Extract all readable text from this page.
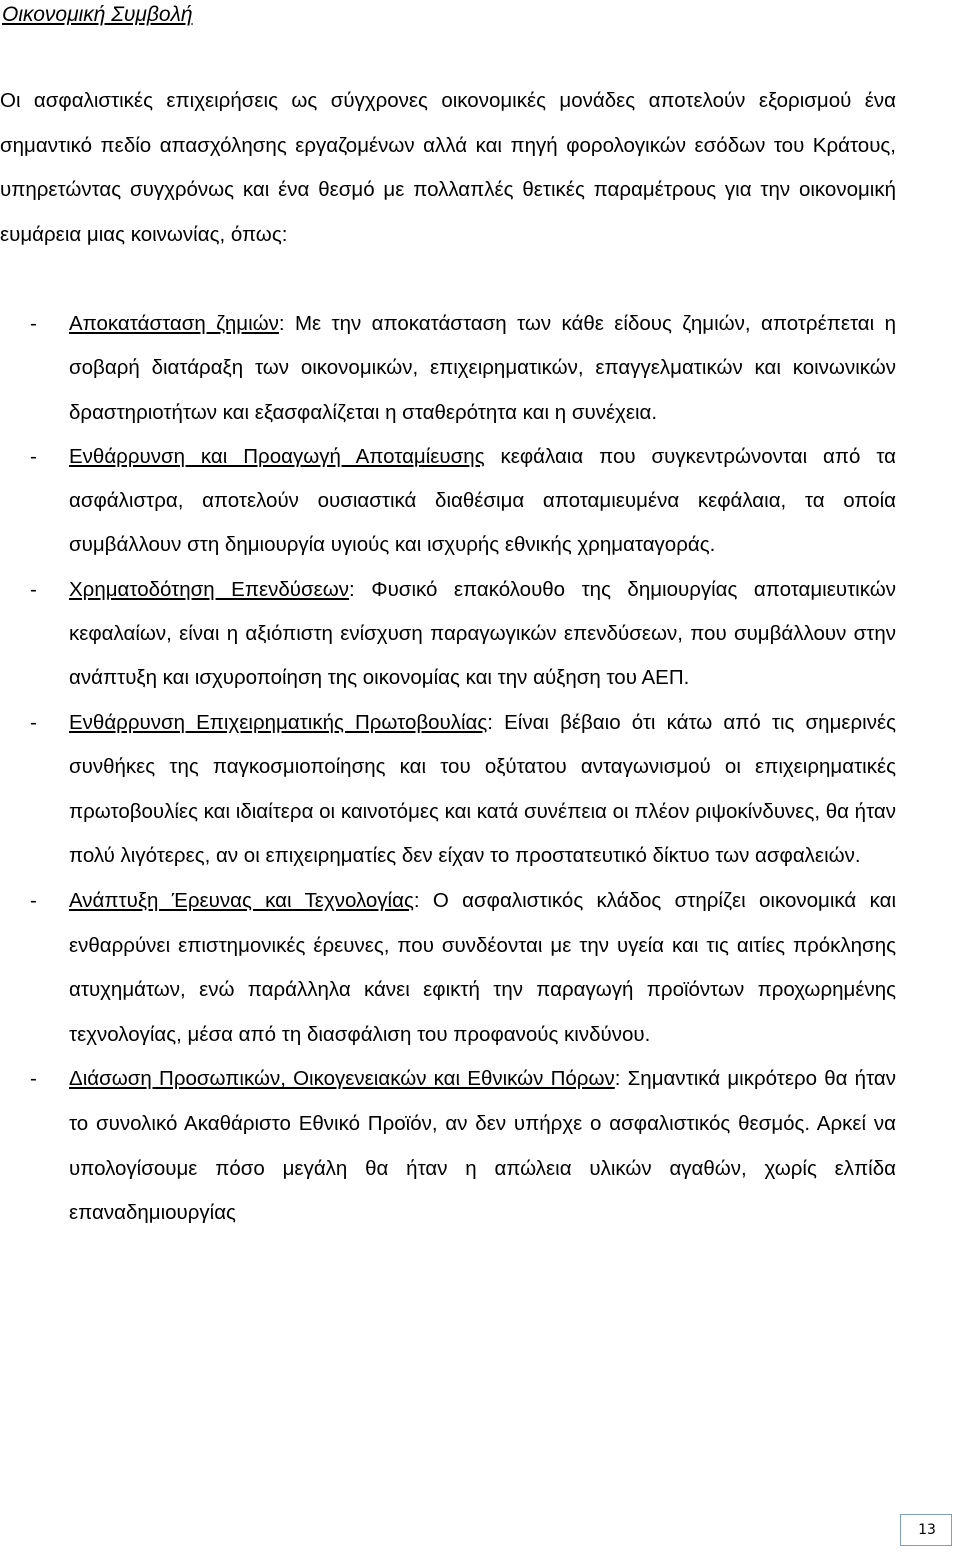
Οικονομική Συμβολή

Οι ασφαλιστικές επιχειρήσεις ως σύγχρονες οικονομικές μονάδες αποτελούν εξορισμού ένα σημαντικό πεδίο απασχόλησης εργαζομένων αλλά και πηγή φορολογικών εσόδων του Κράτους, υπηρετώντας συγχρόνως και ένα θεσμό με πολλαπλές θετικές παραμέτρους για την οικονομική ευμάρεια μιας κοινωνίας, όπως:

- Αποκατάσταση ζημιών: Με την αποκατάσταση των κάθε είδους ζημιών, αποτρέπεται η σοβαρή διατάραξη των οικονομικών, επιχειρηματικών, επαγγελματικών και κοινωνικών δραστηριοτήτων και εξασφαλίζεται η σταθερότητα και η συνέχεια.
- Ενθάρρυνση και Προαγωγή Αποταμίευσης κεφάλαια που συγκεντρώνονται από τα ασφάλιστρα, αποτελούν ουσιαστικά διαθέσιμα αποταμιευμένα κεφάλαια, τα οποία συμβάλλουν στη δημιουργία υγιούς και ισχυρής εθνικής χρηματαγοράς.
- Χρηματοδότηση Επενδύσεων: Φυσικό επακόλουθο της δημιουργίας αποταμιευτικών κεφαλαίων, είναι η αξιόπιστη ενίσχυση παραγωγικών επενδύσεων, που συμβάλλουν στην ανάπτυξη και ισχυροποίηση της οικονομίας και την αύξηση του ΑΕΠ.
- Ενθάρρυνση Επιχειρηματικής Πρωτοβουλίας: Είναι βέβαιο ότι κάτω από τις σημερινές συνθήκες της παγκοσμιοποίησης και του οξύτατου ανταγωνισμού οι επιχειρηματικές πρωτοβουλίες και ιδιαίτερα οι καινοτόμες και κατά συνέπεια οι πλέον ριψοκίνδυνες, θα ήταν πολύ λιγότερες, αν οι επιχειρηματίες δεν είχαν το προστατευτικό δίκτυο των ασφαλειών.
- Ανάπτυξη Έρευνας και Τεχνολογίας: Ο ασφαλιστικός κλάδος στηρίζει οικονομικά και ενθαρρύνει επιστημονικές έρευνες, που συνδέονται με την υγεία και τις αιτίες πρόκλησης ατυχημάτων, ενώ παράλληλα κάνει εφικτή την παραγωγή προϊόντων προχωρημένης τεχνολογίας, μέσα από τη διασφάλιση του προφανούς κινδύνου.
- Διάσωση Προσωπικών, Οικογενειακών και Εθνικών Πόρων: Σημαντικά μικρότερο θα ήταν το συνολικό Ακαθάριστο Εθνικό Προϊόν, αν δεν υπήρχε ο ασφαλιστικός θεσμός. Αρκεί να υπολογίσουμε πόσο μεγάλη θα ήταν η απώλεια υλικών αγαθών, χωρίς ελπίδα επαναδημιουργίας
13
